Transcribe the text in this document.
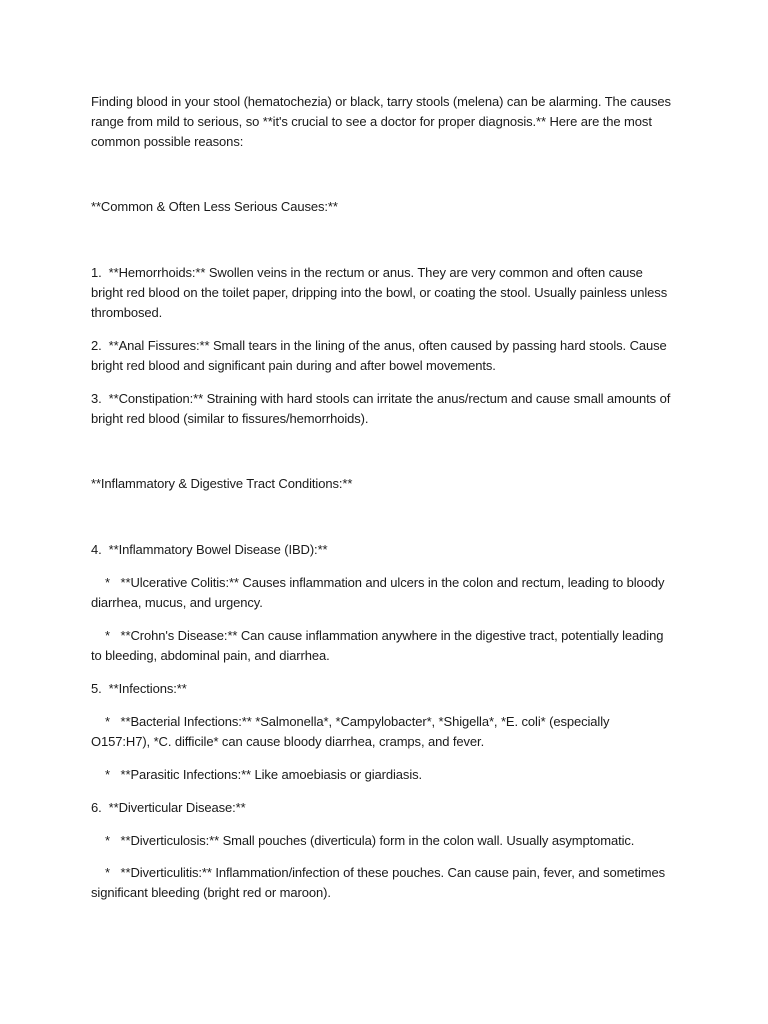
Finding blood in your stool (hematochezia) or black, tarry stools (melena) can be alarming. The causes
range from mild to serious, so **it's crucial to see a doctor for proper diagnosis.** Here are the most
common possible reasons:
**Common & Often Less Serious Causes:**
1.  **Hemorrhoids:** Swollen veins in the rectum or anus. They are very common and often cause
bright red blood on the toilet paper, dripping into the bowl, or coating the stool. Usually painless unless
thrombosed.
2.  **Anal Fissures:** Small tears in the lining of the anus, often caused by passing hard stools. Cause
bright red blood and significant pain during and after bowel movements.
3.  **Constipation:** Straining with hard stools can irritate the anus/rectum and cause small amounts of
bright red blood (similar to fissures/hemorrhoids).
**Inflammatory & Digestive Tract Conditions:**
4.  **Inflammatory Bowel Disease (IBD):**
*   **Ulcerative Colitis:** Causes inflammation and ulcers in the colon and rectum, leading to bloody
diarrhea, mucus, and urgency.
*   **Crohn's Disease:** Can cause inflammation anywhere in the digestive tract, potentially leading
to bleeding, abdominal pain, and diarrhea.
5.  **Infections:**
*   **Bacterial Infections:** *Salmonella*, *Campylobacter*, *Shigella*, *E. coli* (especially
O157:H7), *C. difficile* can cause bloody diarrhea, cramps, and fever.
*   **Parasitic Infections:** Like amoebiasis or giardiasis.
6.  **Diverticular Disease:**
*   **Diverticulosis:** Small pouches (diverticula) form in the colon wall. Usually asymptomatic.
*   **Diverticulitis:** Inflammation/infection of these pouches. Can cause pain, fever, and sometimes
significant bleeding (bright red or maroon).
